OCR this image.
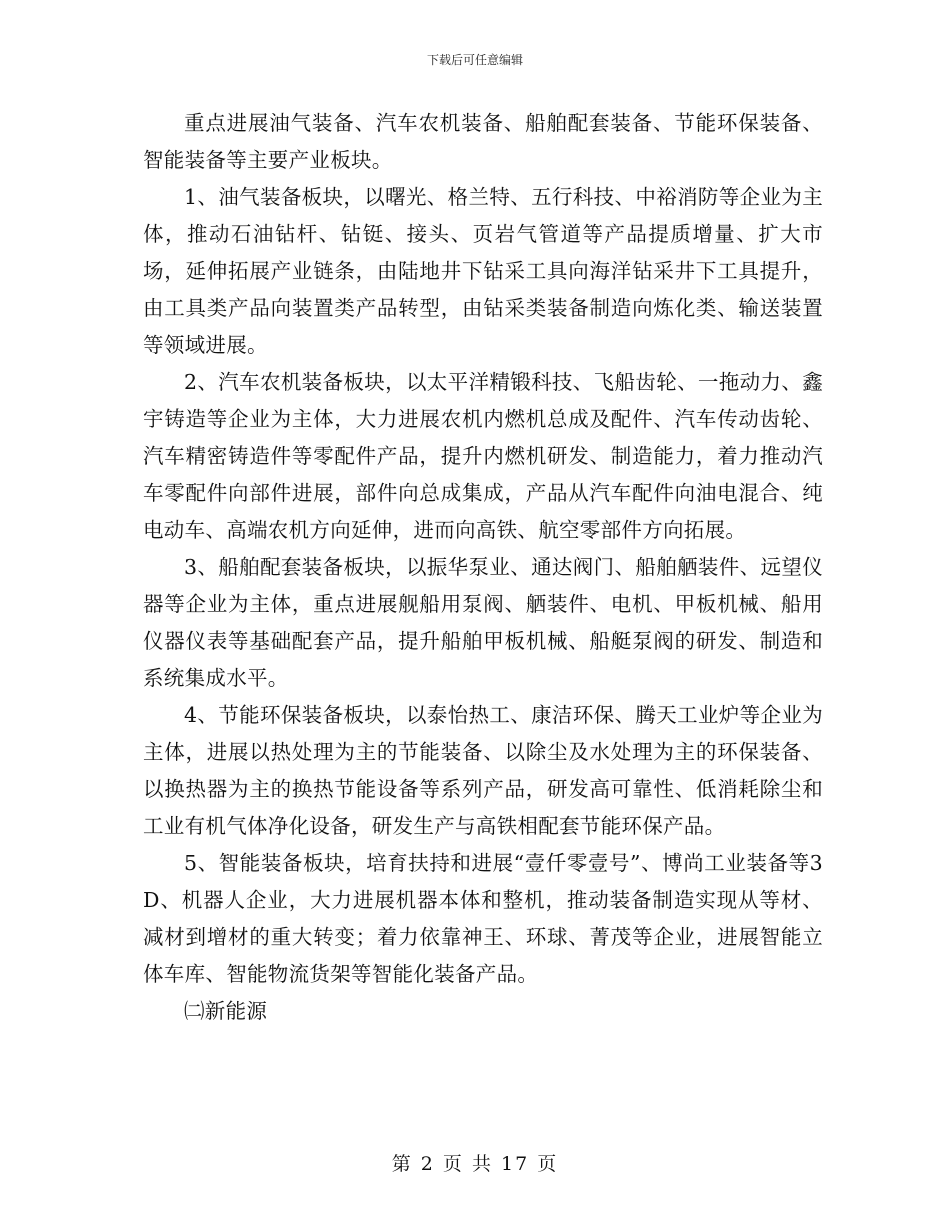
下载后可任意编辑

重点进展油气装备、汽车农机装备、船舶配套装备、节能环保装备、智能装备等主要产业板块。

1、油气装备板块，以曙光、格兰特、五行科技、中裕消防等企业为主体，推动石油钻杆、钻铤、接头、页岩气管道等产品提质增量、扩大市场，延伸拓展产业链条，由陆地井下钻采工具向海洋钻采井下工具提升，由工具类产品向装置类产品转型，由钻采类装备制造向炼化类、输送装置等领域进展。

2、汽车农机装备板块，以太平洋精锻科技、飞船齿轮、一拖动力、鑫宇铸造等企业为主体，大力进展农机内燃机总成及配件、汽车传动齿轮、汽车精密铸造件等零配件产品，提升内燃机研发、制造能力，着力推动汽车零配件向部件进展，部件向总成集成，产品从汽车配件向油电混合、纯电动车、高端农机方向延伸，进而向高铁、航空零部件方向拓展。

3、船舶配套装备板块，以振华泵业、通达阀门、船舶舾装件、远望仪器等企业为主体，重点进展舰船用泵阀、舾装件、电机、甲板机械、船用仪器仪表等基础配套产品，提升船舶甲板机械、船艇泵阀的研发、制造和系统集成水平。

4、节能环保装备板块，以泰怡热工、康洁环保、腾天工业炉等企业为主体，进展以热处理为主的节能装备、以除尘及水处理为主的环保装备、以换热器为主的换热节能设备等系列产品，研发高可靠性、低消耗除尘和工业有机气体净化设备，研发生产与高铁相配套节能环保产品。

5、智能装备板块，培育扶持和进展“壹仟零壹号”、博尚工业装备等3D、机器人企业，大力进展机器本体和整机，推动装备制造实现从等材、减材到增材的重大转变；着力依靠神王、环球、菁茂等企业，进展智能立体车库、智能物流货架等智能化装备产品。

㈡新能源

第 2 页 共 17 页
